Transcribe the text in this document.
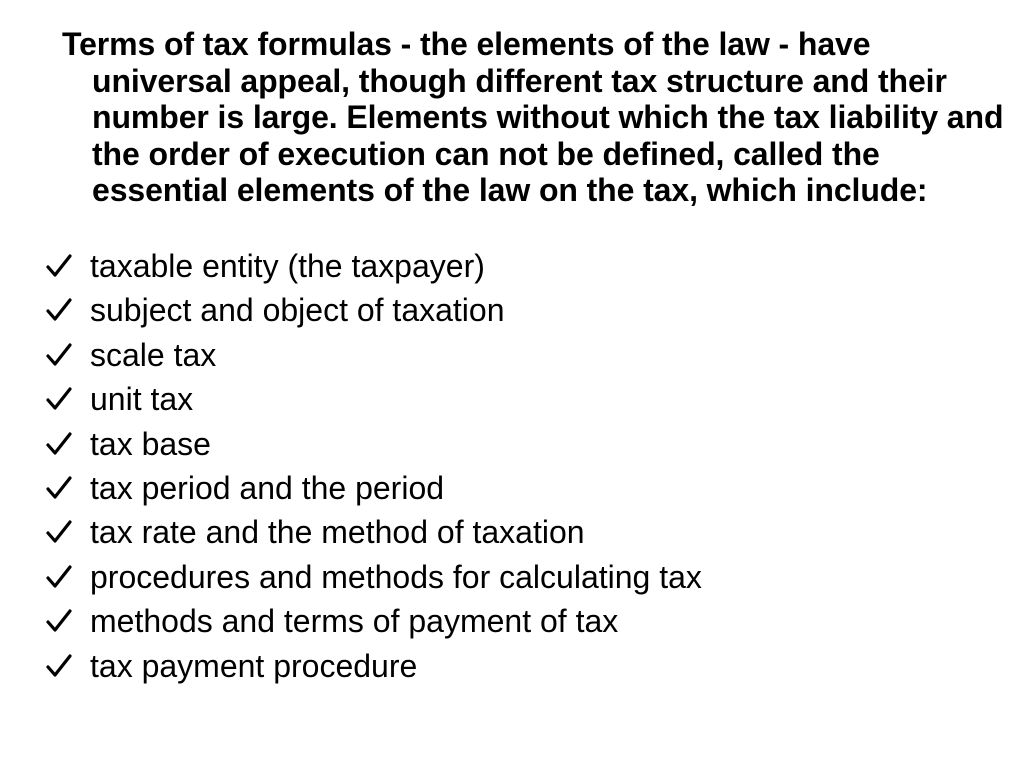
Terms of tax formulas - the elements of the law - have universal appeal, though different tax structure and their number is large. Elements without which the tax liability and the order of execution can not be defined, called the essential elements of the law on the tax, which include:

taxable entity (the taxpayer)
subject and object of taxation
scale tax
unit tax
tax base
tax period and the period
tax rate and the method of taxation
procedures and methods for calculating tax
methods and terms of payment of tax
tax payment procedure
